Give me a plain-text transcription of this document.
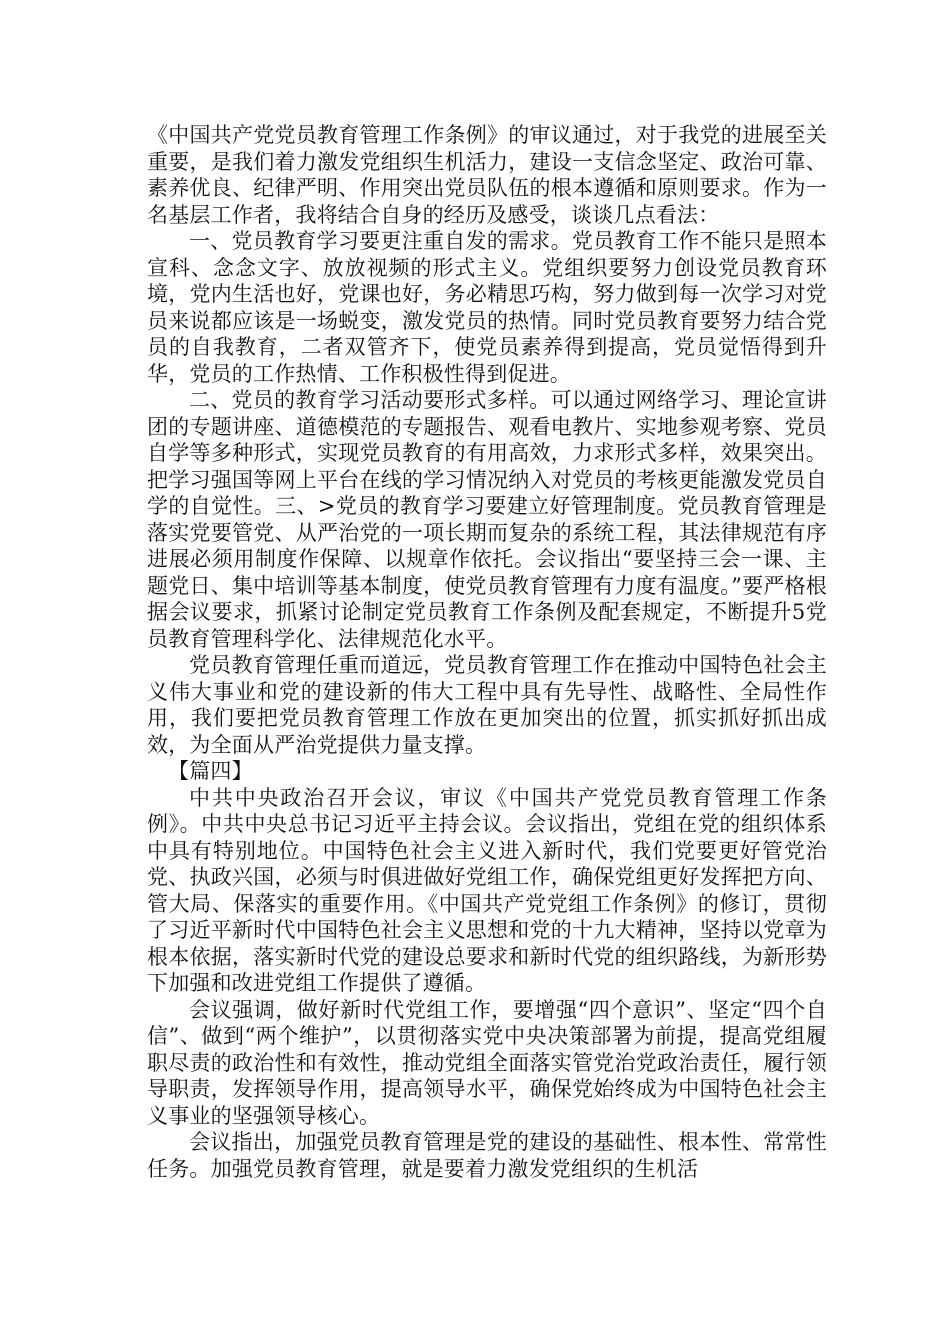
《中国共产党党员教育管理工作条例》的审议通过，对于我党的进展至关重要，是我们着力激发党组织生机活力，建设一支信念坚定、政治可靠、素养优良、纪律严明、作用突出党员队伍的根本遵循和原则要求。作为一名基层工作者，我将结合自身的经历及感受，谈谈几点看法：

一、党员教育学习要更注重自发的需求。党员教育工作不能只是照本宣科、念念文字、放放视频的形式主义。党组织要努力创设党员教育环境，党内生活也好，党课也好，务必精思巧构，努力做到每一次学习对党员来说都应该是一场蜕变，激发党员的热情。同时党员教育要努力结合党员的自我教育，二者双管齐下，使党员素养得到提高，党员觉悟得到升华，党员的工作热情、工作积极性得到促进。

二、党员的教育学习活动要形式多样。可以通过网络学习、理论宣讲团的专题讲座、道德模范的专题报告、观看电教片、实地参观考察、党员自学等多种形式，实现党员教育的有用高效，力求形式多样，效果突出。把学习强国等网上平台在线的学习情况纳入对党员的考核更能激发党员自学的自觉性。三、>党员的教育学习要建立好管理制度。党员教育管理是落实党要管党、从严治党的一项长期而复杂的系统工程，其法律规范有序进展必须用制度作保障、以规章作依托。会议指出“要坚持三会一课、主题党日、集中培训等基本制度，使党员教育管理有力度有温度。”要严格根据会议要求，抓紧讨论制定党员教育工作条例及配套规定，不断提升5党员教育管理科学化、法律规范化水平。

党员教育管理任重而道远，党员教育管理工作在推动中国特色社会主义伟大事业和党的建设新的伟大工程中具有先导性、战略性、全局性作用，我们要把党员教育管理工作放在更加突出的位置，抓实抓好抓出成效，为全面从严治党提供力量支撑。

【篇四】

中共中央政治召开会议，审议《中国共产党党员教育管理工作条例》。中共中央总书记习近平主持会议。会议指出，党组在党的组织体系中具有特别地位。中国特色社会主义进入新时代，我们党要更好管党治党、执政兴国，必须与时俱进做好党组工作，确保党组更好发挥把方向、管大局、保落实的重要作用。《中国共产党党组工作条例》的修订，贯彻了习近平新时代中国特色社会主义思想和党的十九大精神，坚持以党章为根本依据，落实新时代党的建设总要求和新时代党的组织路线，为新形势下加强和改进党组工作提供了遵循。

会议强调，做好新时代党组工作，要增强“四个意识”、坚定“四个自信”、做到“两个维护”，以贯彻落实党中央决策部署为前提，提高党组履职尽责的政治性和有效性，推动党组全面落实管党治党政治责任，履行领导职责，发挥领导作用，提高领导水平，确保党始终成为中国特色社会主义事业的坚强领导核心。

会议指出，加强党员教育管理是党的建设的基础性、根本性、常常性任务。加强党员教育管理，就是要着力激发党组织的生机活
